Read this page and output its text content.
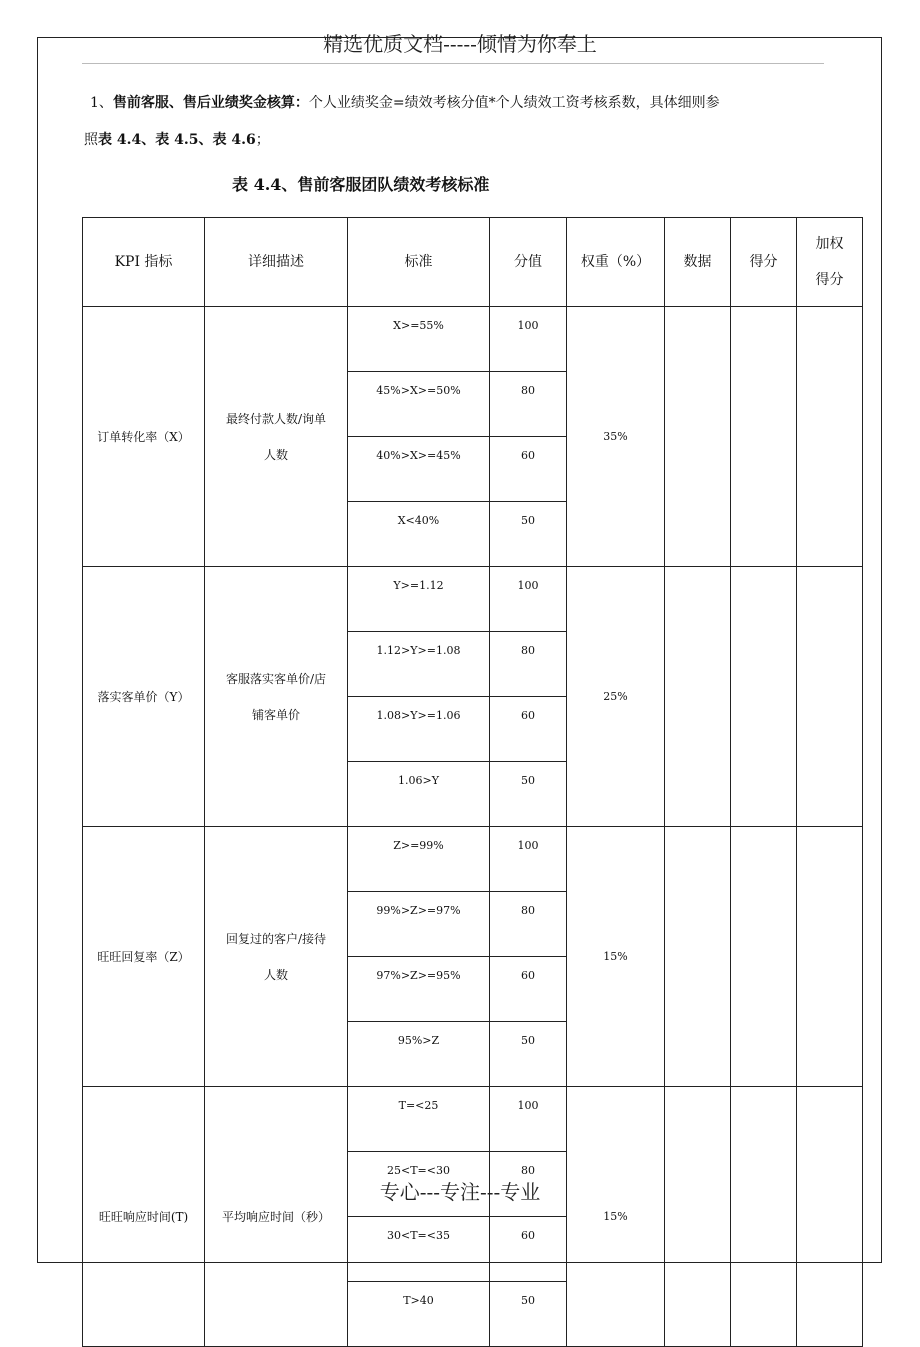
精选优质文档-----倾情为你奉上
1、售前客服、售后业绩奖金核算：个人业绩奖金=绩效考核分值*个人绩效工资考核系数，具体细则参
照表 4.4、表 4.5、表 4.6；
表 4.4、售前客服团队绩效考核标准
KPI 指标	详细描述	标准	分值	权重（%）	数据	得分	加权
得分

订单转化率（X）	最终付款人数/询单
人数	X>=55%	100	35%			
		45%>X>=50%	80				
		40%>X>=45%	60				
		X<40%	50				
落实客单价（Y）	客服落实客单价/店
铺客单价	Y>=1.12	100	25%			
		1.12>Y>=1.08	80				
		1.08>Y>=1.06	60				
		1.06>Y	50				
旺旺回复率（Z）	回复过的客户/接待
人数	Z>=99%	100	15%			
		99%>Z>=97%	80				
		97%>Z>=95%	60				
		95%>Z	50				
旺旺响应时间(T)	平均响应时间（秒）	T=<25	100	15%			
		25<T=<30	80				
		30<T=<35	60				
		T>40	50				
专心---专注---专业
